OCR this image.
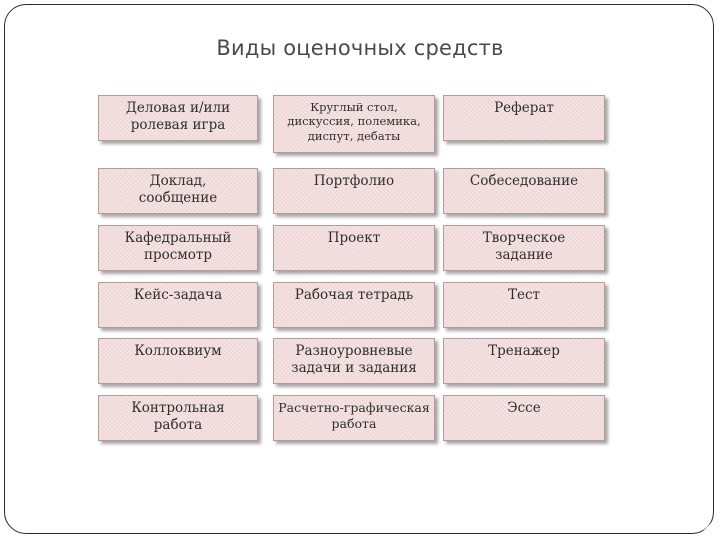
Виды оценочных средств
Деловая и/или
ролевая игра
Круглый стол,
дискуссия, полемика,
диспут, дебаты
Реферат
Доклад,
сообщение
Портфолио	Собеседование
Кафедральный
просмотр
Проект	Творческое
задание
Кейс-задача	Рабочая тетрадь	Тест
Коллоквиум	Разноуровневые
задачи и задания
Тренажер
Контрольная
работа
Расчетно-графическая
работа
Эссе
